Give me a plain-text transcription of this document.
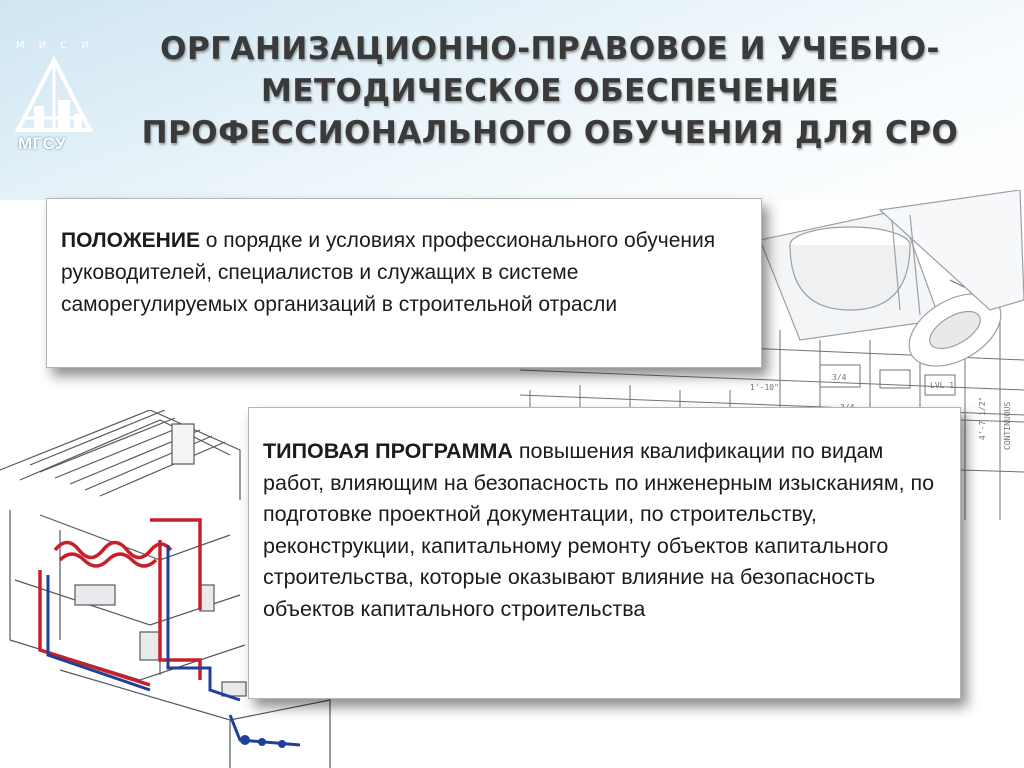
МИСИ
МГСУ
ОРГАНИЗАЦИОННО-ПРАВОВОЕ И УЧЕБНО-
МЕТОДИЧЕСКОЕ ОБЕСПЕЧЕНИЕ
ПРОФЕССИОНАЛЬНОГО ОБУЧЕНИЯ ДЛЯ СРО
3/4
LVL 1
4'-7 1/2" CONTINUOUS
1'-10"
ПОЛОЖЕНИЕ о порядке и условиях профессионального обучения руководителей, специалистов и служащих в системе саморегулируемых организаций в строительной отрасли
ТИПОВАЯ ПРОГРАММА повышения квалификации по видам работ, влияющим на безопасность по инженерным изысканиям, по подготовке проектной документации, по строительству, реконструкции, капитальному ремонту объектов капитального строительства, которые оказывают влияние на безопасность объектов капитального строительства
